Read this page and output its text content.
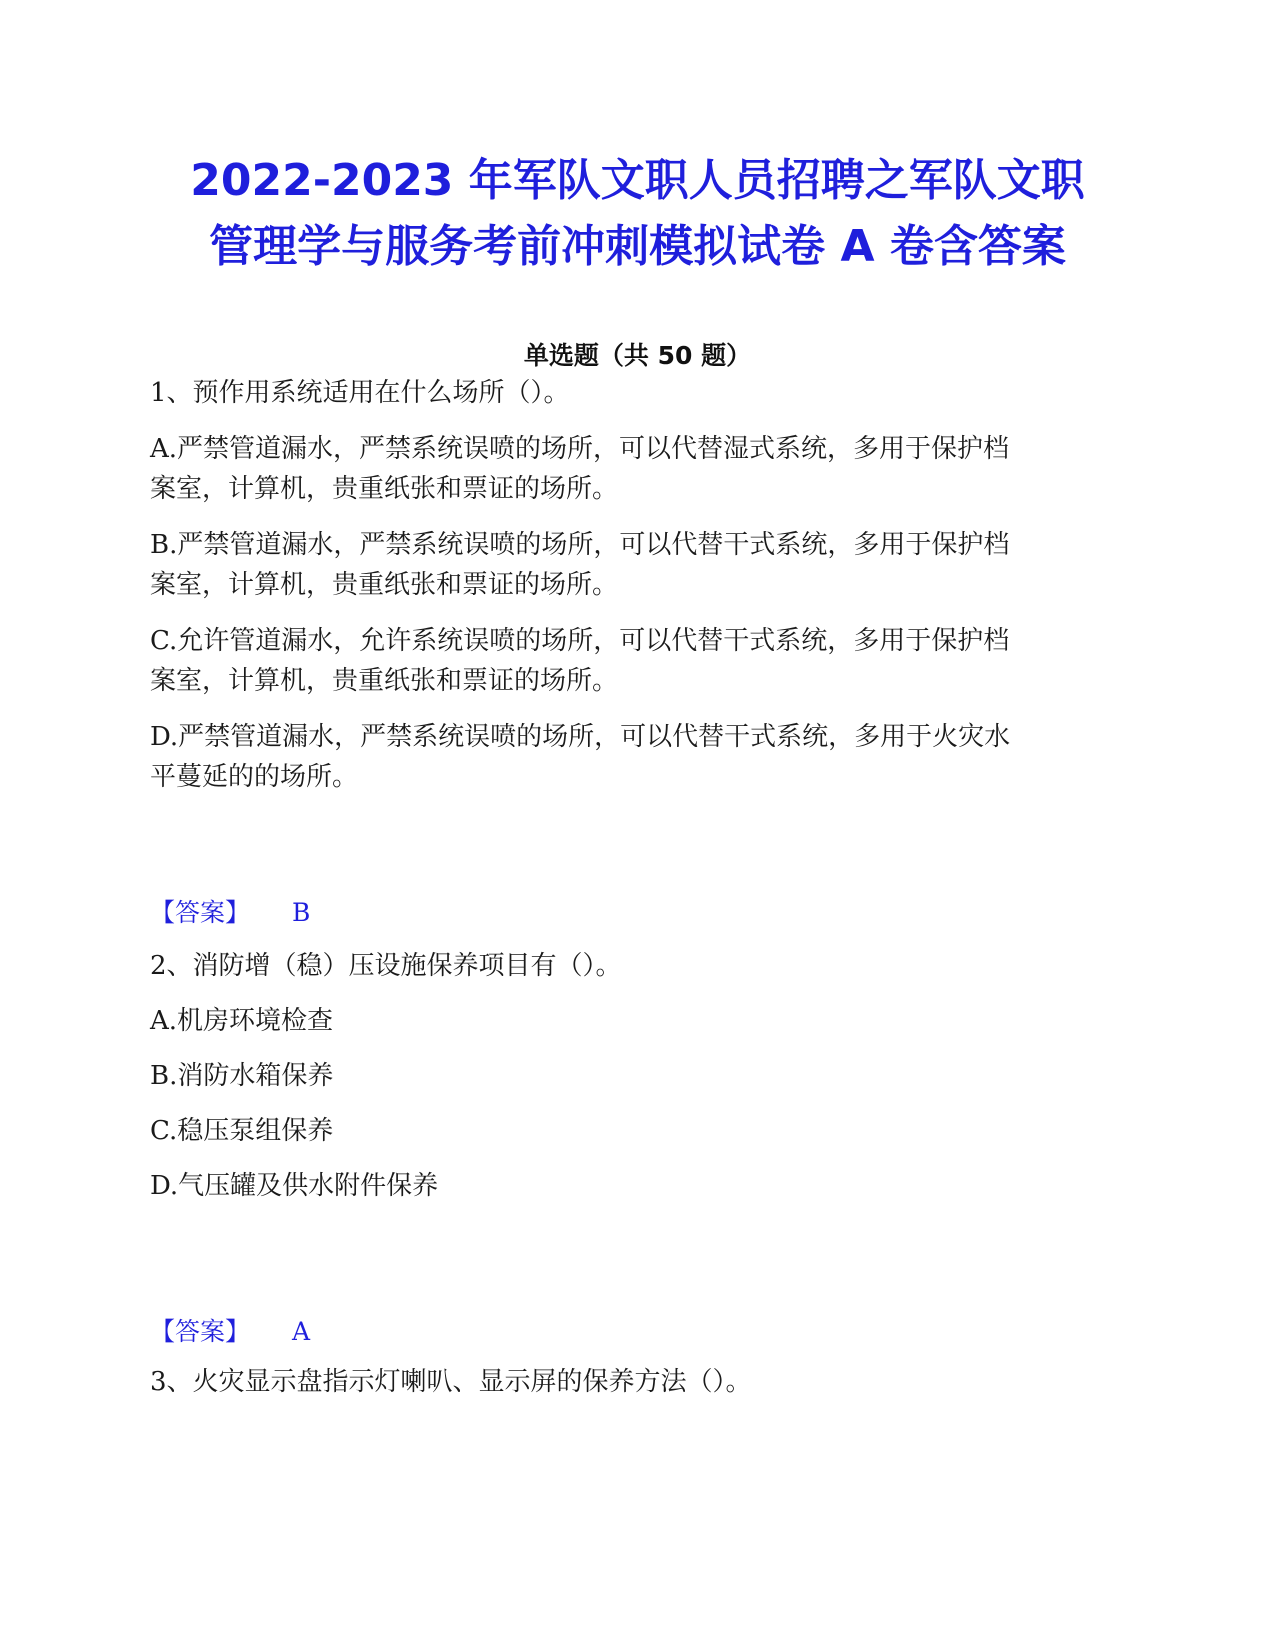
2022-2023 年军队文职人员招聘之军队文职
管理学与服务考前冲刺模拟试卷 A 卷含答案
单选题（共 50 题）

1、预作用系统适用在什么场所（）。

A.严禁管道漏水，严禁系统误喷的场所，可以代替湿式系统，多用于保护档

案室，计算机，贵重纸张和票证的场所。

B.严禁管道漏水，严禁系统误喷的场所，可以代替干式系统，多用于保护档

案室，计算机，贵重纸张和票证的场所。

C.允许管道漏水，允许系统误喷的场所，可以代替干式系统，多用于保护档

案室，计算机，贵重纸张和票证的场所。

D.严禁管道漏水，严禁系统误喷的场所，可以代替干式系统，多用于火灾水

平蔓延的的场所。

【答案】 B

2、消防增（稳）压设施保养项目有（）。

A.机房环境检查

B.消防水箱保养

C.稳压泵组保养

D.气压罐及供水附件保养

【答案】 A

3、火灾显示盘指示灯喇叭、显示屏的保养方法（）。
